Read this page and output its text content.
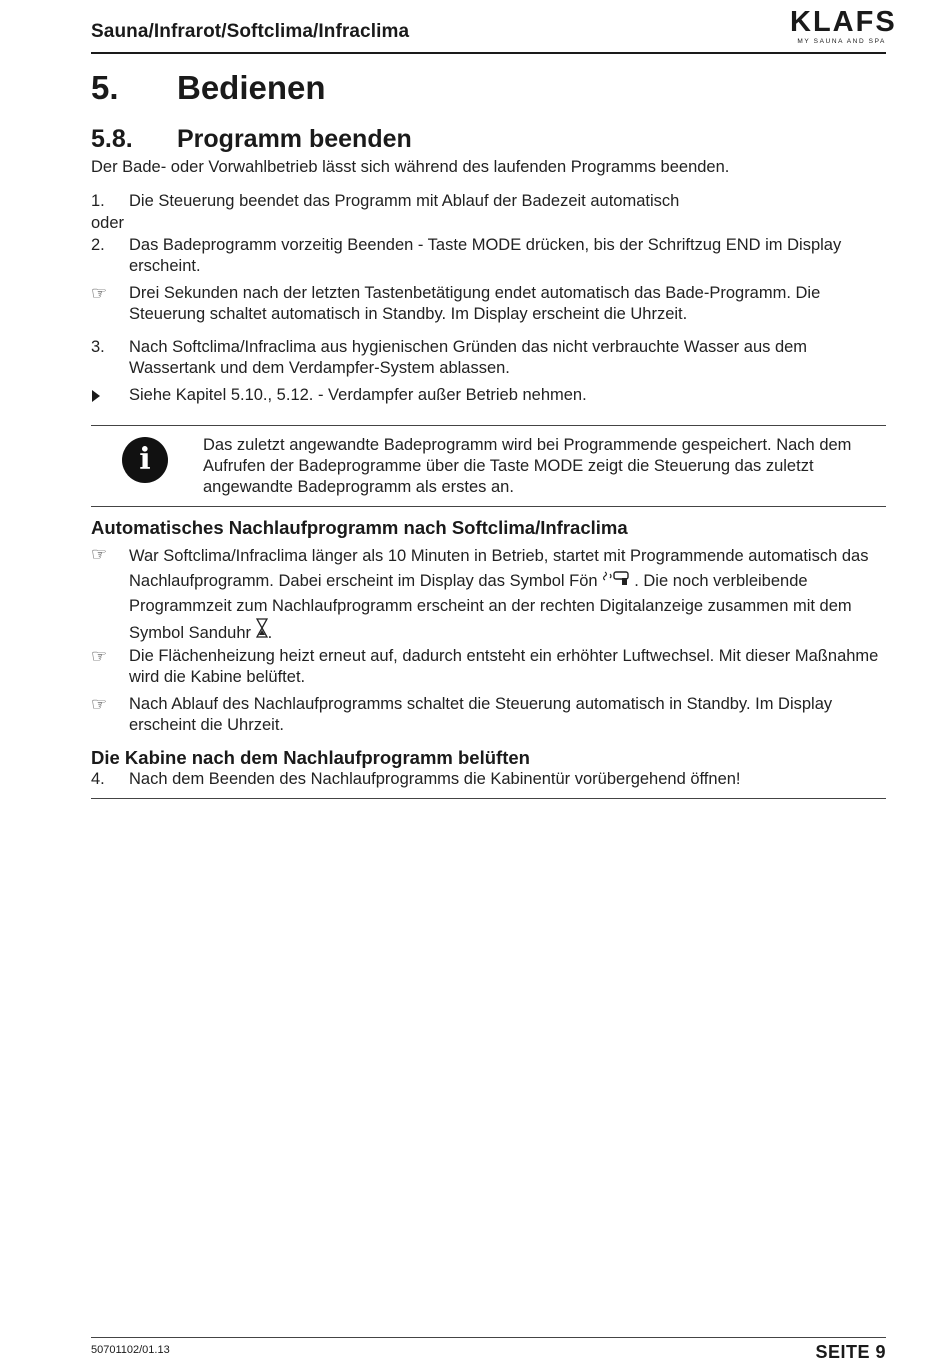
Sauna/Infrarot/Softclima/Infraclima	KLAFS
MY SAUNA AND SPA
5. Bedienen
5.8. Programm beenden
Der Bade- oder Vorwahlbetrieb lässt sich während des laufenden Programms beenden.
1.	Die Steuerung beendet das Programm mit Ablauf der Badezeit automatisch
oder
2.	Das Badeprogramm vorzeitig Beenden - Taste MODE drücken, bis der Schriftzug END im Display erscheint.
☞	Drei Sekunden nach der letzten Tastenbetätigung endet automatisch das Bade-Programm. Die Steuerung schaltet automatisch in Standby. Im Display erscheint die Uhrzeit.
3.	Nach Softclima/Infraclima aus hygienischen Gründen das nicht verbrauchte Wasser aus dem Wassertank und dem Verdampfer-System ablassen.
Siehe Kapitel 5.10., 5.12. - Verdampfer außer Betrieb nehmen.
i	Das zuletzt angewandte Badeprogramm wird bei Programmende gespeichert. Nach dem Aufrufen der Badeprogramme über die Taste MODE zeigt die Steuerung das zuletzt angewandte Badeprogramm als erstes an.
Automatisches Nachlaufprogramm nach Softclima/Infraclima
☞	War Softclima/Infraclima länger als 10 Minuten in Betrieb, startet mit Programmende automatisch das Nachlaufprogramm. Dabei erscheint im Display das Symbol Fön . Die noch verbleibende Programmzeit zum Nachlaufprogramm erscheint an der rechten Digitalanzeige zusammen mit dem Symbol Sanduhr .
☞	Die Flächenheizung heizt erneut auf, dadurch entsteht ein erhöhter Luftwechsel. Mit dieser Maßnahme wird die Kabine belüftet.
☞	Nach Ablauf des Nachlaufprogramms schaltet die Steuerung automatisch in Standby. Im Display erscheint die Uhrzeit.
Die Kabine nach dem Nachlaufprogramm belüften
4.	Nach dem Beenden des Nachlaufprogramms die Kabinentür vorübergehend öffnen!
50701102/01.13	SEITE 9
